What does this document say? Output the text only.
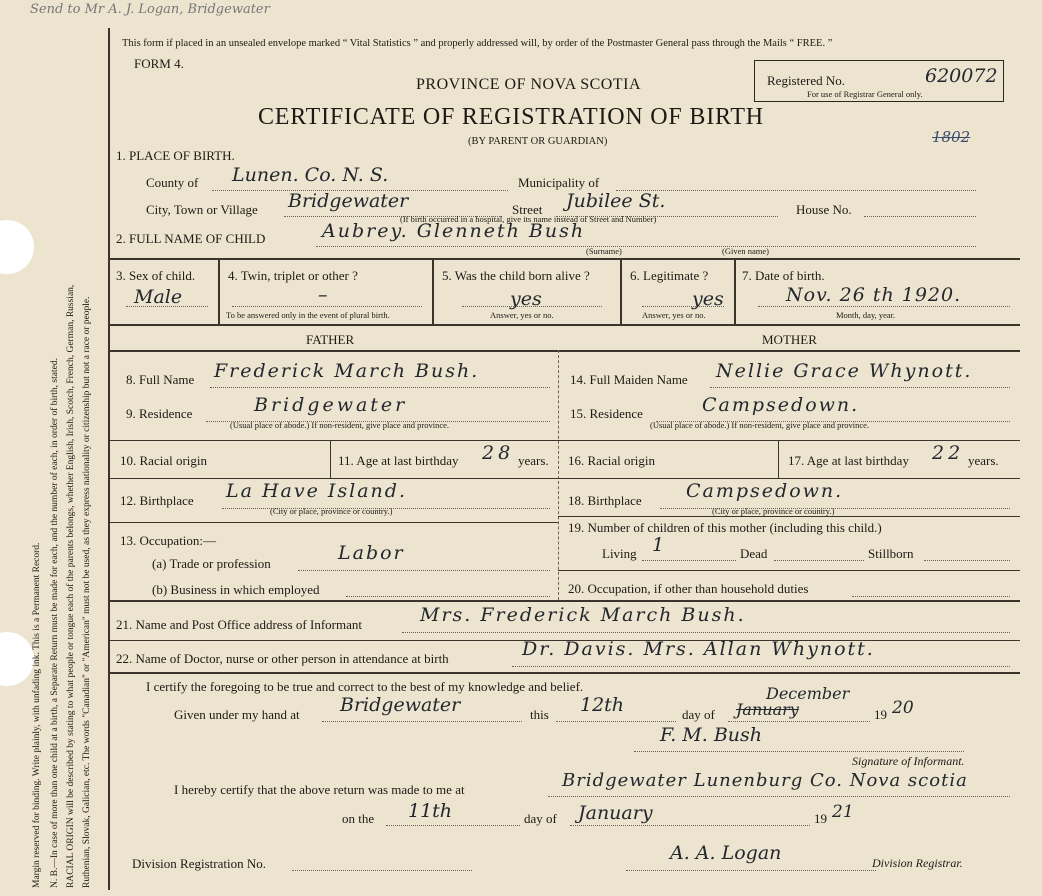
Send to Mr A. J. Logan, Bridgewater
Margin reserved for binding. Write plainly, with unfading ink. This is a Permanent Record. N. B.—In case of more than one child at a birth, a Separate Return must be made for each, and the number of each, in order of birth, stated. RACIAL ORIGIN will be described by stating to what people or tongue each of the parents belongs, whether English, Irish, Scotch, French, German, Russian, Ruthenian, Slovak, Galician, etc. The words "Canadian" or "American" must not be used, as they express nationality or citizenship but not a race or people.
This form if placed in an unsealed envelope marked “ Vital Statistics ” and properly addressed will, by order of the Postmaster General pass through the Mails “ FREE. ”
FORM 4.
PROVINCE OF NOVA SCOTIA
CERTIFICATE OF REGISTRATION OF BIRTH
(BY PARENT OR GUARDIAN)
Registered No.	620072
For use of Registrar General only.
1802
1. PLACE OF BIRTH.
County of Lunen. Co. N. S.	Municipality of
City, Town or Village Bridgewater	Street Jubilee St.	House No.
(If birth occurred in a hospital, give its name instead of Street and Number)
2. FULL NAME OF CHILD	Aubrey. Glenneth Bush
(Surname)	(Given name)
3. Sex of child.
Male
4. Twin, triplet or other ?
–
To be answered only in the event of plural birth.
5. Was the child born alive ?
yes
Answer, yes or no.
6. Legitimate ?
yes
Answer, yes or no.
7. Date of birth.
Nov. 26 th 1920.
Month, day, year.
FATHER	MOTHER
8. Full Name Frederick March Bush.
9. Residence	Bridgewater
(Usual place of abode.) If non-resident, give place and province.
10. Racial origin	11. Age at last birthday 28 years.
12. Birthplace La Have Island.
(City or place, province or country.)
13. Occupation:—
(a) Trade or profession	Labor
(b) Business in which employed
14. Full Maiden Name Nellie Grace Whynott.
15. Residence	Campsedown.
(Usual place of abode.) If non-resident, give place and province.
16. Racial origin	17. Age at last birthday 22 years.
18. Birthplace Campsedown.
(City or place, province or country.)
19. Number of children of this mother (including this child.)
Living 1	Dead	Stillborn
20. Occupation, if other than household duties
21. Name and Post Office address of Informant	Mrs. Frederick March Bush.
22. Name of Doctor, nurse or other person in attendance at birth	Dr. Davis. Mrs. Allan Whynott.
I certify the foregoing to be true and correct to the best of my knowledge and belief.
Given under my hand at Bridgewater	this 12th	day of
December
January	19 20
F. M. Bush
Signature of Informant.
I hereby certify that the above return was made to me at	Bridgewater Lunenburg Co. Nova scotia
on the 11th	day of January	19 21
Division Registration No.	A. A. Logan	Division Registrar.
